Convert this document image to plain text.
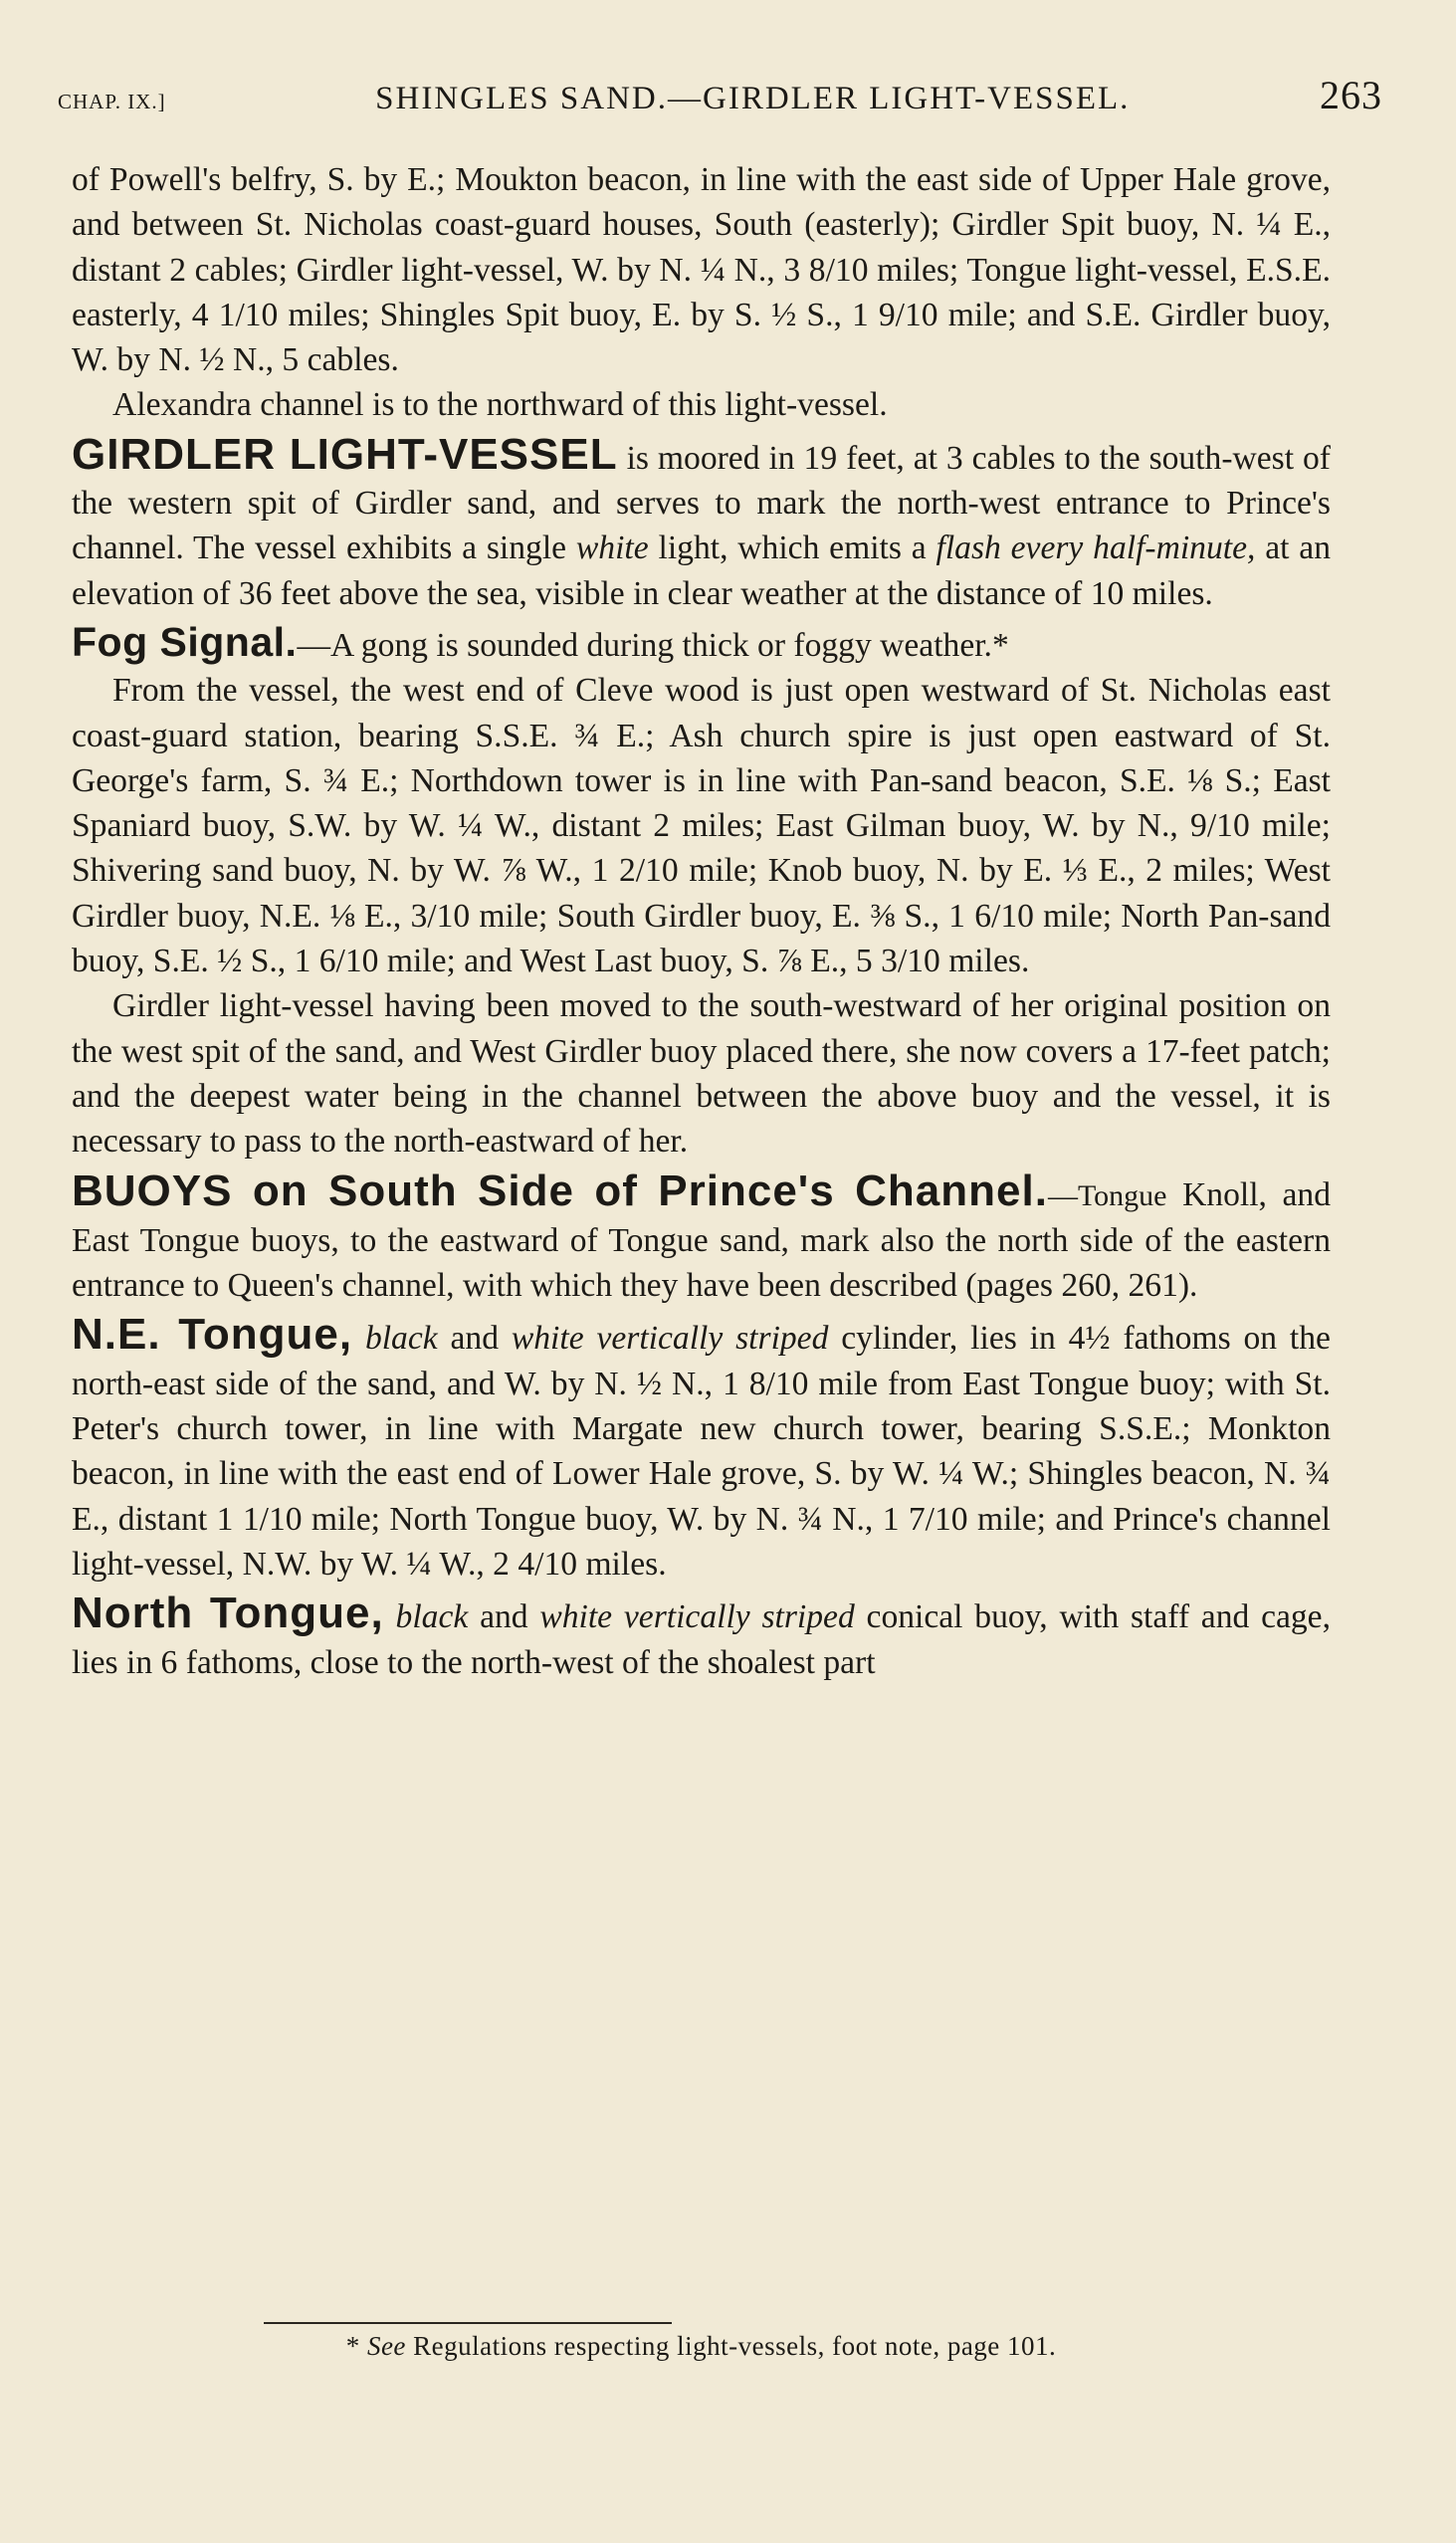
CHAP. IX.]	SHINGLES SAND.—GIRDLER LIGHT-VESSEL.	263

of Powell's belfry, S. by E.; Moukton beacon, in line with the east side of Upper Hale grove, and between St. Nicholas coast-guard houses, South (easterly); Girdler Spit buoy, N. ¼ E., distant 2 cables; Girdler light-vessel, W. by N. ¼ N., 3 8/10 miles; Tongue light-vessel, E.S.E. easterly, 4 1/10 miles; Shingles Spit buoy, E. by S. ½ S., 1 9/10 mile; and S.E. Girdler buoy, W. by N. ½ N., 5 cables.

Alexandra channel is to the northward of this light-vessel.

GIRDLER LIGHT-VESSEL is moored in 19 feet, at 3 cables to the south-west of the western spit of Girdler sand, and serves to mark the north-west entrance to Prince's channel. The vessel exhibits a single white light, which emits a flash every half-minute, at an elevation of 36 feet above the sea, visible in clear weather at the distance of 10 miles.

Fog Signal.—A gong is sounded during thick or foggy weather.*

From the vessel, the west end of Cleve wood is just open westward of St. Nicholas east coast-guard station, bearing S.S.E. ¾ E.; Ash church spire is just open eastward of St. George's farm, S. ¾ E.; Northdown tower is in line with Pan-sand beacon, S.E. ⅛ S.; East Spaniard buoy, S.W. by W. ¼ W., distant 2 miles; East Gilman buoy, W. by N., 9/10 mile; Shivering sand buoy, N. by W. ⅞ W., 1 2/10 mile; Knob buoy, N. by E. ⅓ E., 2 miles; West Girdler buoy, N.E. ⅛ E., 3/10 mile; South Girdler buoy, E. ⅜ S., 1 6/10 mile; North Pan-sand buoy, S.E. ½ S., 1 6/10 mile; and West Last buoy, S. ⅞ E., 5 3/10 miles.

Girdler light-vessel having been moved to the south-westward of her original position on the west spit of the sand, and West Girdler buoy placed there, she now covers a 17-feet patch; and the deepest water being in the channel between the above buoy and the vessel, it is necessary to pass to the north-eastward of her.

BUOYS on South Side of Prince's Channel.—Tongue Knoll, and East Tongue buoys, to the eastward of Tongue sand, mark also the north side of the eastern entrance to Queen's channel, with which they have been described (pages 260, 261).

N.E. Tongue, black and white vertically striped cylinder, lies in 4½ fathoms on the north-east side of the sand, and W. by N. ½ N., 1 8/10 mile from East Tongue buoy; with St. Peter's church tower, in line with Margate new church tower, bearing S.S.E.; Monkton beacon, in line with the east end of Lower Hale grove, S. by W. ¼ W.; Shingles beacon, N. ¾ E., distant 1 1/10 mile; North Tongue buoy, W. by N. ¾ N., 1 7/10 mile; and Prince's channel light-vessel, N.W. by W. ¼ W., 2 4/10 miles.

North Tongue, black and white vertically striped conical buoy, with staff and cage, lies in 6 fathoms, close to the north-west of the shoalest part

* See Regulations respecting light-vessels, foot note, page 101.
